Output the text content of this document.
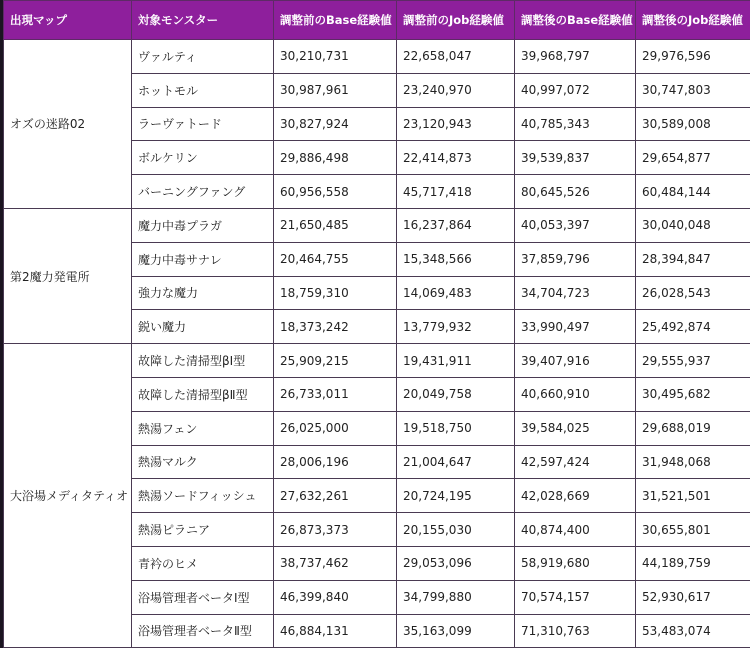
出現マップ	対象モンスター	調整前のBase経験値	調整前のJob経験値	調整後のBase経験値	調整後のJob経験値
オズの迷路02	ヴァルティ	30,210,731	22,658,047	39,968,797	29,976,596
	ホットモル	30,987,961	23,240,970	40,997,072	30,747,803
	ラーヴァトード	30,827,924	23,120,943	40,785,343	30,589,008
	ボルケリン	29,886,498	22,414,873	39,539,837	29,654,877
	バーニングファング	60,956,558	45,717,418	80,645,526	60,484,144
第2魔力発電所	魔力中毒プラガ	21,650,485	16,237,864	40,053,397	30,040,048
	魔力中毒サナレ	20,464,755	15,348,566	37,859,796	28,394,847
	強力な魔力	18,759,310	14,069,483	34,704,723	26,028,543
	鋭い魔力	18,373,242	13,779,932	33,990,497	25,492,874
大浴場メディタティオ	故障した清掃型βⅠ型	25,909,215	19,431,911	39,407,916	29,555,937
	故障した清掃型βⅡ型	26,733,011	20,049,758	40,660,910	30,495,682
	熱湯フェン	26,025,000	19,518,750	39,584,025	29,688,019
	熱湯マルク	28,006,196	21,004,647	42,597,424	31,948,068
	熱湯ソードフィッシュ	27,632,261	20,724,195	42,028,669	31,521,501
	熱湯ピラニア	26,873,373	20,155,030	40,874,400	30,655,801
	青衿のヒメ	38,737,462	29,053,096	58,919,680	44,189,759
	浴場管理者ベータⅠ型	46,399,840	34,799,880	70,574,157	52,930,617
	浴場管理者ベータⅡ型	46,884,131	35,163,099	71,310,763	53,483,074
